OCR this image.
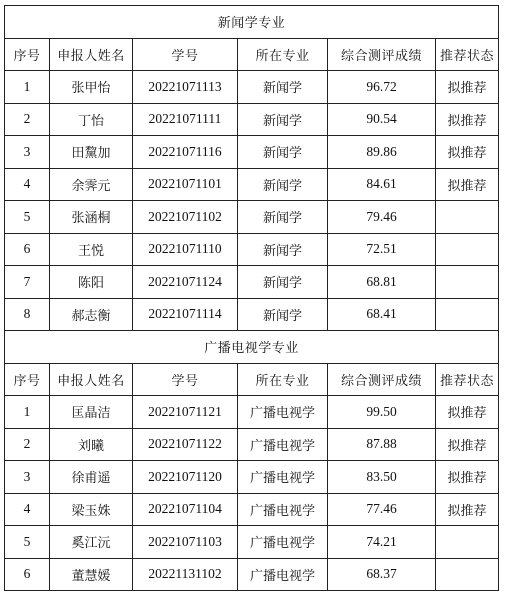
新闻学专业					
序号	申报人姓名	学号	所在专业	综合测评成绩	推荐状态
1	张甲怡	20221071113	新闻学	96.72	拟推荐
2	丁怡	20221071111	新闻学	90.54	拟推荐
3	田黧加	20221071116	新闻学	89.86	拟推荐
4	余霁元	20221071101	新闻学	84.61	拟推荐
5	张涵桐	20221071102	新闻学	79.46	
6	王悦	20221071110	新闻学	72.51	
7	陈阳	20221071124	新闻学	68.81	
8	郝志衡	20221071114	新闻学	68.41	
广播电视学专业					
序号	申报人姓名	学号	所在专业	综合测评成绩	推荐状态
1	匡晶洁	20221071121	广播电视学	99.50	拟推荐
2	刘曦	20221071122	广播电视学	87.88	拟推荐
3	徐甫遥	20221071120	广播电视学	83.50	拟推荐
4	梁玉姝	20221071104	广播电视学	77.46	拟推荐
5	奚江沅	20221071103	广播电视学	74.21	
6	董慧媛	20221131102	广播电视学	68.37	
